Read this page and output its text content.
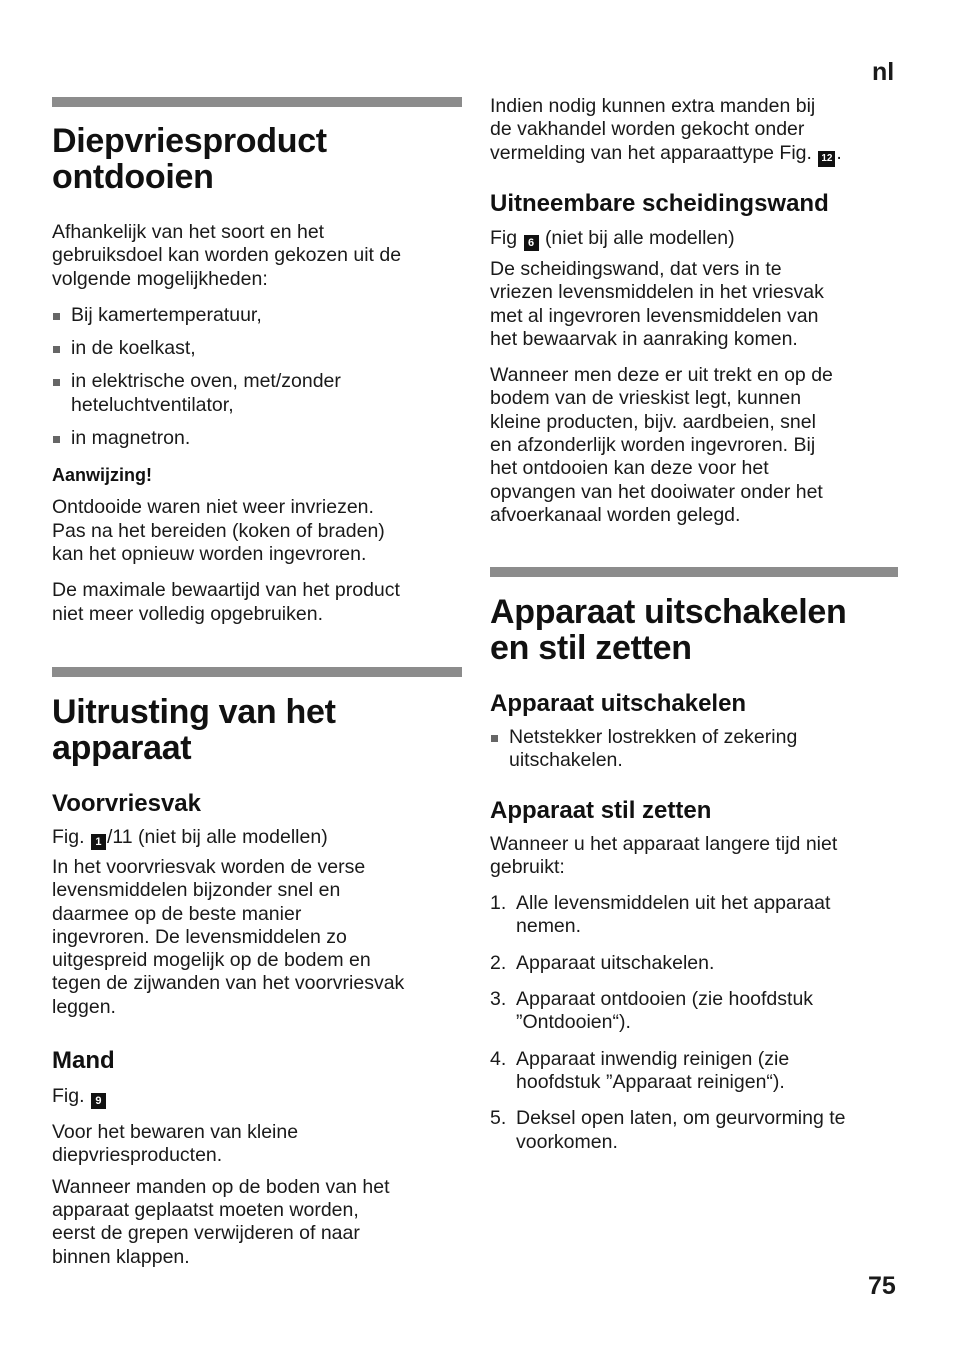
nl
Diepvriesproduct
ontdooien

Afhankelijk van het soort en het
gebruiksdoel kan worden gekozen uit de
volgende mogelijkheden:

Bij kamertemperatuur,
in de koelkast,
in elektrische oven, met/zonder
heteluchtventilator,
in magnetron.
Aanwijzing!

Ontdooide waren niet weer invriezen.
Pas na het bereiden (koken of braden)
kan het opnieuw worden ingevroren.

De maximale bewaartijd van het product
niet meer volledig opgebruiken.

Uitrusting van het
apparaat
Voorvriesvak

Fig. 1 /11 (niet bij alle modellen)

In het voorvriesvak worden de verse
levensmiddelen bijzonder snel en
daarmee op de beste manier
ingevroren. De levensmiddelen zo
uitgespreid mogelijk op de bodem en
tegen de zijwanden van het voorvriesvak
leggen.

Mand

Fig. 9

Voor het bewaren van kleine
diepvriesproducten.

Wanneer manden op de boden van het
apparaat geplaatst moeten worden,
eerst de grepen verwijderen of naar
binnen klappen.

Indien nodig kunnen extra manden bij
de vakhandel worden gekocht onder
vermelding van het apparaattype Fig. 12 .

Uitneembare scheidingswand

Fig 6 (niet bij alle modellen)

De scheidingswand, dat vers in te
vriezen levensmiddelen in het vriesvak
met al ingevroren levensmiddelen van
het bewaarvak in aanraking komen.

Wanneer men deze er uit trekt en op de
bodem van de vrieskist legt, kunnen
kleine producten, bijv. aardbeien, snel
en afzonderlijk worden ingevroren. Bij
het ontdooien kan deze voor het
opvangen van het dooiwater onder het
afvoerkanaal worden gelegd.

Apparaat uitschakelen
en stil zetten
Apparaat uitschakelen
Netstekker lostrekken of zekering
uitschakelen.
Apparaat stil zetten

Wanneer u het apparaat langere tijd niet
gebruikt:

1. Alle levensmiddelen uit het apparaat
nemen.
2. Apparaat uitschakelen.
3. Apparaat ontdooien (zie hoofdstuk
”Ontdooien“).
4. Apparaat inwendig reinigen (zie
hoofdstuk ”Apparaat reinigen“).
5. Deksel open laten, om geurvorming te
voorkomen.
75
